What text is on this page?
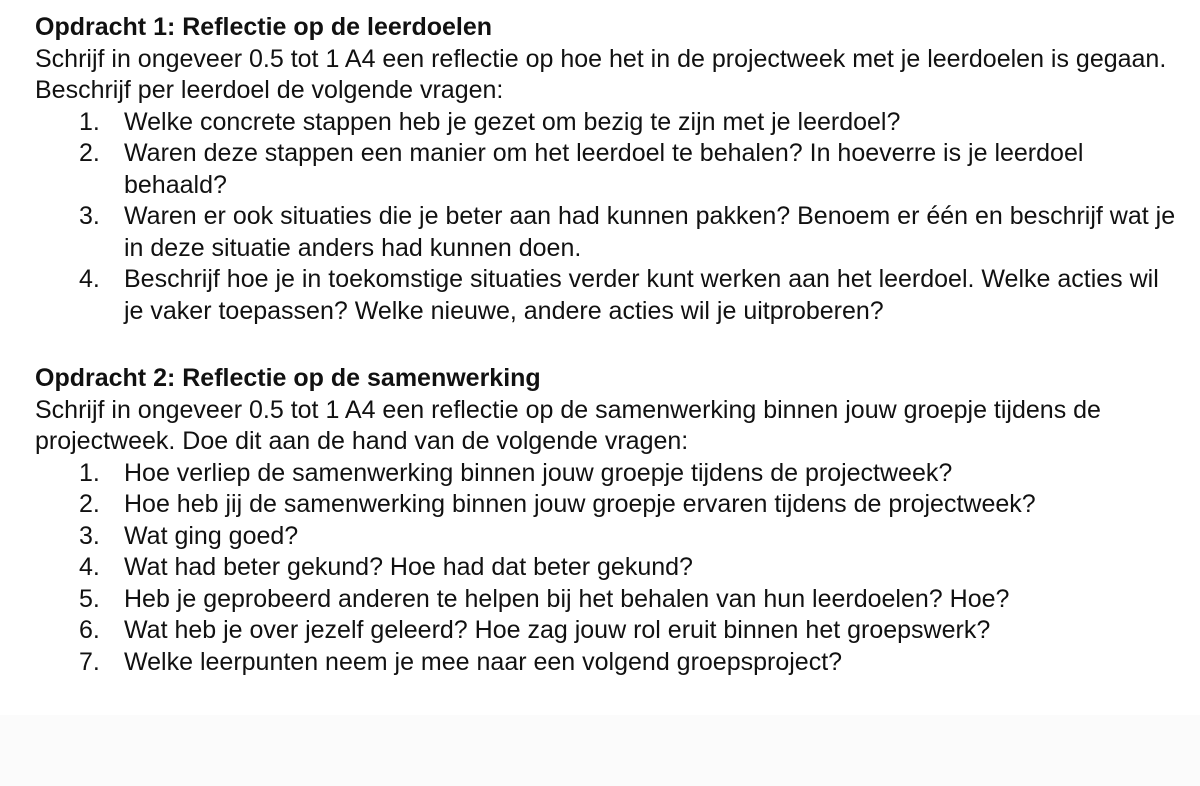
Opdracht 1: Reflectie op de leerdoelen

Schrijf in ongeveer 0.5 tot 1 A4 een reflectie op hoe het in de projectweek met je leerdoelen is gegaan. Beschrijf per leerdoel de volgende vragen:

1. Welke concrete stappen heb je gezet om bezig te zijn met je leerdoel?
2. Waren deze stappen een manier om het leerdoel te behalen? In hoeverre is je leerdoel behaald?
3. Waren er ook situaties die je beter aan had kunnen pakken? Benoem er één en beschrijf wat je in deze situatie anders had kunnen doen.
4. Beschrijf hoe je in toekomstige situaties verder kunt werken aan het leerdoel. Welke acties wil je vaker toepassen? Welke nieuwe, andere acties wil je uitproberen?

Opdracht 2: Reflectie op de samenwerking

Schrijf in ongeveer 0.5 tot 1 A4 een reflectie op de samenwerking binnen jouw groepje tijdens de projectweek. Doe dit aan de hand van de volgende vragen:

1. Hoe verliep de samenwerking binnen jouw groepje tijdens de projectweek?
2. Hoe heb jij de samenwerking binnen jouw groepje ervaren tijdens de projectweek?
3. Wat ging goed?
4. Wat had beter gekund? Hoe had dat beter gekund?
5. Heb je geprobeerd anderen te helpen bij het behalen van hun leerdoelen? Hoe?
6. Wat heb je over jezelf geleerd? Hoe zag jouw rol eruit binnen het groepswerk?
7. Welke leerpunten neem je mee naar een volgend groepsproject?
